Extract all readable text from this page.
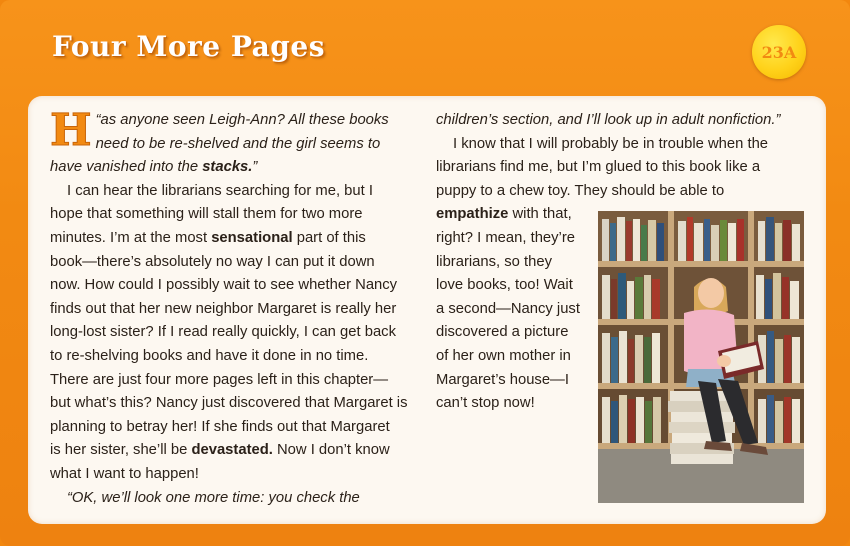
Four More Pages	23A
H “as anyone seen Leigh-Ann? All these books
need to be re-shelved and the girl seems to
have vanished into the stacks.”
I can hear the librarians searching for me, but I
hope that something will stall them for two more
minutes. I’m at the most sensational part of this
book—there’s absolutely no way I can put it down
now. How could I possibly wait to see whether Nancy
finds out that her new neighbor Margaret is really her
long-lost sister? If I read really quickly, I can get back
to re-shelving books and have it done in no time.
There are just four more pages left in this chapter—
but what’s this? Nancy just discovered that Margaret is
planning to betray her! If she finds out that Margaret
is her sister, she’ll be devastated. Now I don’t know
what I want to happen!
“OK, we’ll look one more time: you check the
children’s section, and I’ll look up in adult nonfiction.”
I know that I will probably be in trouble when the
librarians find me, but I’m glued to this book like a
puppy to a chew toy. They should be able to
empathize with that,
right? I mean, they’re
librarians, so they
love books, too! Wait
a second—Nancy just
discovered a picture
of her own mother in
Margaret’s house—I
can’t stop now!
